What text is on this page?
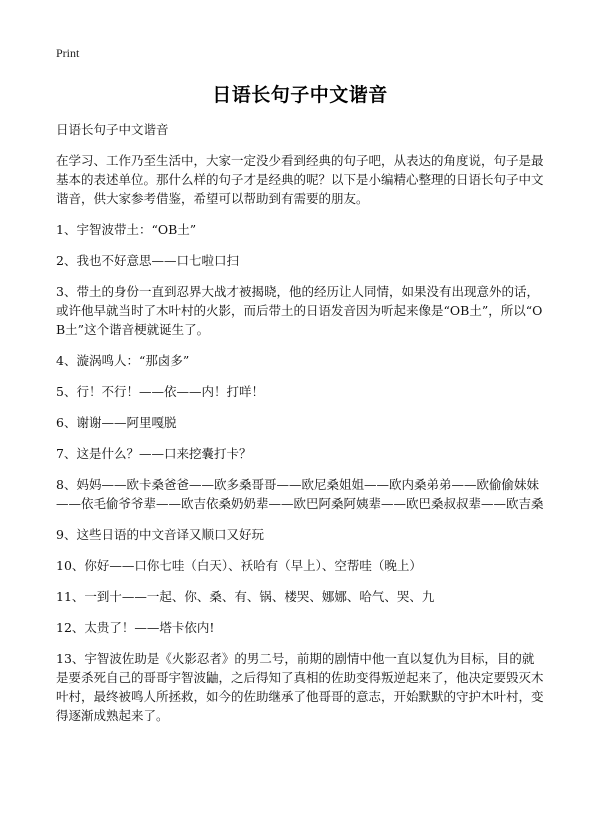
Print
日语长句子中文谐音

日语长句子中文谐音

在学习、工作乃至生活中，大家一定没少看到经典的句子吧，从表达的角度说，句子是最基本的表述单位。那什么样的句子才是经典的呢？以下是小编精心整理的日语长句子中文谐音，供大家参考借鉴，希望可以帮助到有需要的朋友。

1、宇智波带土：“OB土”

2、我也不好意思——口七啦口扫

3、带土的身份一直到忍界大战才被揭晓，他的经历让人同情，如果没有出现意外的话，或许他早就当时了木叶村的火影，而后带土的日语发音因为听起来像是“OB土”，所以“OB土”这个谐音梗就诞生了。

4、漩涡鸣人：“那卤多”

5、行！不行！——依——内！打咩！

6、谢谢——阿里嘎脱

7、这是什么？——口来挖嚢打卡？

8、妈妈——欧卡桑爸爸——欧多桑哥哥——欧尼桑姐姐——欧内桑弟弟——欧偷偷妹妹——依毛偷爷爷辈——欧吉依桑奶奶辈——欧巴阿桑阿姨辈——欧巴桑叔叔辈——欧吉桑

9、这些日语的中文音译又顺口又好玩

10、你好——口你七哇（白天）、袄哈有（早上）、空帮哇（晚上）

11、一到十——一起、你、桑、有、锅、楼哭、娜娜、哈气、哭、九

12、太贵了！——塔卡依内!

13、宇智波佐助是《火影忍者》的男二号，前期的剧情中他一直以复仇为目标，目的就是要杀死自己的哥哥宇智波鼬，之后得知了真相的佐助变得叛逆起来了，他决定要毁灭木叶村，最终被鸣人所拯救，如今的佐助继承了他哥哥的意志，开始默默的守护木叶村，变得逐渐成熟起来了。
